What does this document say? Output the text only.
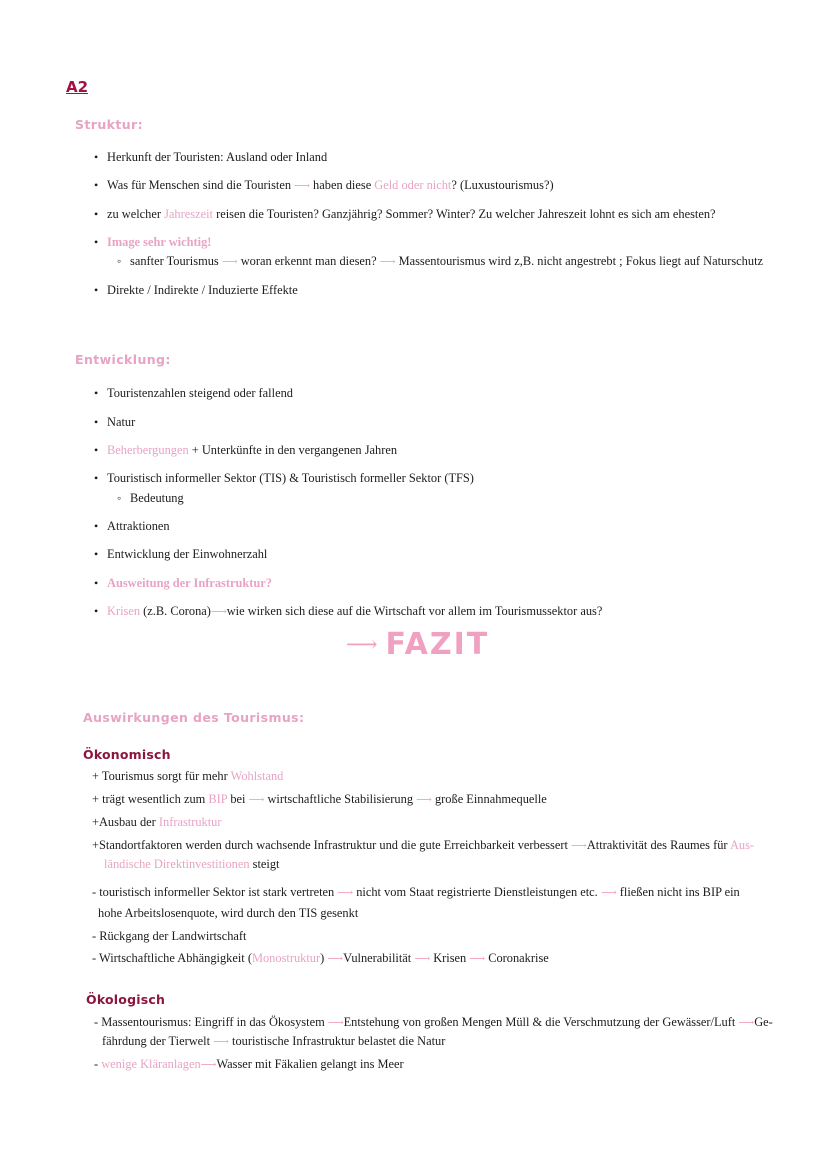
A2
Struktur:
• Herkunft der Touristen: Ausland oder Inland
• Was für Menschen sind die Touristen ⟶ haben diese Geld oder nicht? (Luxustourismus?)
• zu welcher Jahreszeit reisen die Touristen? Ganzjährig? Sommer? Winter? Zu welcher Jahreszeit lohnt es sich am ehesten?
• Image sehr wichtig!
◦ sanfter Tourismus ⟶ woran erkennt man diesen? ⟶ Massentourismus wird z,B. nicht angestrebt ; Fokus liegt auf Naturschutz
• Direkte / Indirekte / Induzierte Effekte
Entwicklung:
• Touristenzahlen steigend oder fallend
• Natur
• Beherbergungen + Unterkünfte in den vergangenen Jahren
• Touristisch informeller Sektor (TIS) & Touristisch formeller Sektor (TFS)
◦ Bedeutung
• Attraktionen
• Entwicklung der Einwohnerzahl
• Ausweitung der Infrastruktur?
• Krisen (z.B. Corona)⟶wie wirken sich diese auf die Wirtschaft vor allem im Tourismussektor aus?
⟶ FAZIT
Auswirkungen des Tourismus:
Ökonomisch
+ Tourismus sorgt für mehr Wohlstand
+ trägt wesentlich zum BIP bei ⟶ wirtschaftliche Stabilisierung ⟶ große Einnahmequelle
+Ausbau der Infrastruktur
+Standortfaktoren werden durch wachsende Infrastruktur und die gute Erreichbarkeit verbessert ⟶Attraktivität des Raumes für Aus-
ländische Direktinvestitionen steigt
- touristisch informeller Sektor ist stark vertreten ⟶ nicht vom Staat registrierte Dienstleistungen etc. ⟶ fließen nicht ins BIP ein
hohe Arbeitslosenquote, wird durch den TIS gesenkt
- Rückgang der Landwirtschaft
- Wirtschaftliche Abhängigkeit (Monostruktur) ⟶Vulnerabilität ⟶ Krisen ⟶ Coronakrise
Ökologisch
- Massentourismus: Eingriff in das Ökosystem ⟶Entstehung von großen Mengen Müll & die Verschmutzung der Gewässer/Luft ⟶Ge-
fährdung der Tierwelt ⟶ touristische Infrastruktur belastet die Natur
- wenige Kläranlagen⟶Wasser mit Fäkalien gelangt ins Meer
